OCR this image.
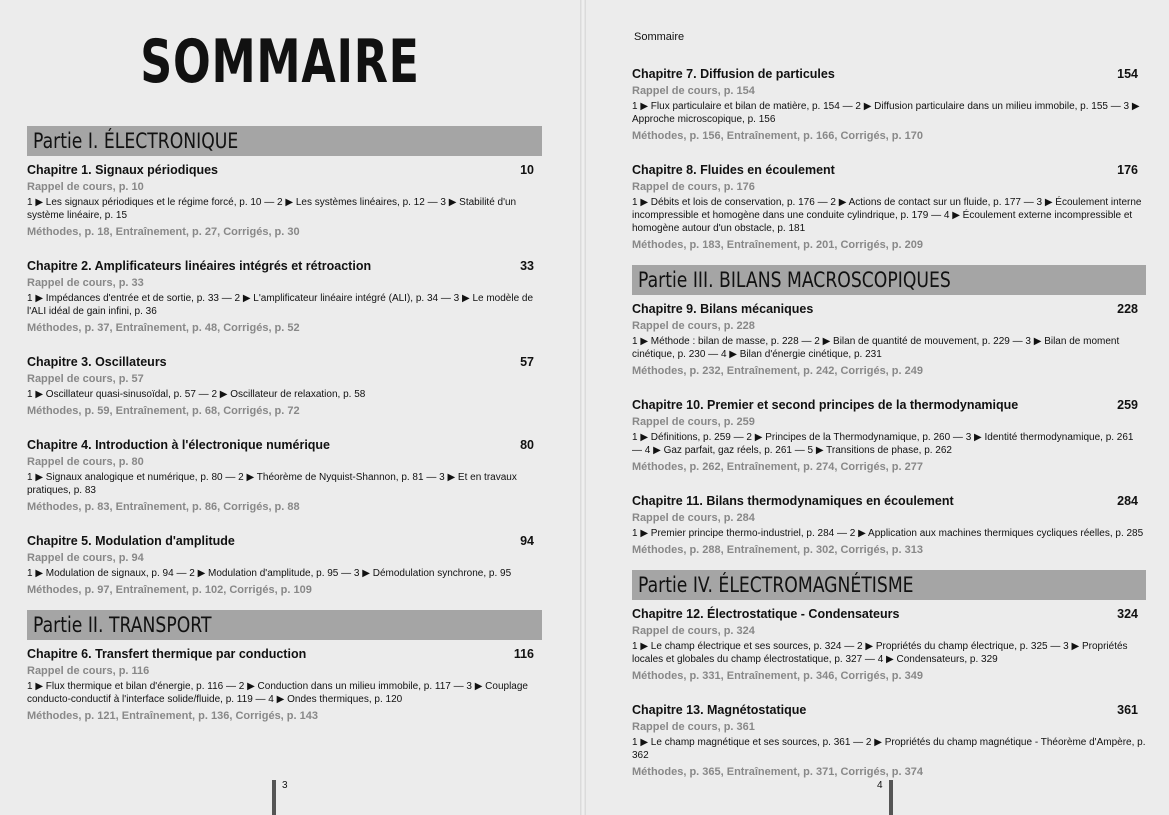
SOMMAIRE
Partie I. ÉLECTRONIQUE
Chapitre 1. Signaux périodiques	10
Rappel de cours, p. 10
1 ▶ Les signaux périodiques et le régime forcé, p. 10 — 2 ▶ Les systèmes linéaires, p. 12 — 3 ▶ Stabilité d'un système linéaire, p. 15
Méthodes, p. 18, Entraînement, p. 27, Corrigés, p. 30
Chapitre 2. Amplificateurs linéaires intégrés et rétroaction	33
Rappel de cours, p. 33
1 ▶ Impédances d'entrée et de sortie, p. 33 — 2 ▶ L'amplificateur linéaire intégré (ALI), p. 34 — 3 ▶ Le modèle de l'ALI idéal de gain infini, p. 36
Méthodes, p. 37, Entraînement, p. 48, Corrigés, p. 52
Chapitre 3. Oscillateurs	57
Rappel de cours, p. 57
1 ▶ Oscillateur quasi-sinusoïdal, p. 57 — 2 ▶ Oscillateur de relaxation, p. 58
Méthodes, p. 59, Entraînement, p. 68, Corrigés, p. 72
Chapitre 4. Introduction à l'électronique numérique	80
Rappel de cours, p. 80
1 ▶ Signaux analogique et numérique, p. 80 — 2 ▶ Théorème de Nyquist-Shannon, p. 81 — 3 ▶ Et en travaux pratiques, p. 83
Méthodes, p. 83, Entraînement, p. 86, Corrigés, p. 88
Chapitre 5. Modulation d'amplitude	94
Rappel de cours, p. 94
1 ▶ Modulation de signaux, p. 94 — 2 ▶ Modulation d'amplitude, p. 95 — 3 ▶ Démodulation synchrone, p. 95
Méthodes, p. 97, Entraînement, p. 102, Corrigés, p. 109
Partie II. TRANSPORT
Chapitre 6. Transfert thermique par conduction	116
Rappel de cours, p. 116
1 ▶ Flux thermique et bilan d'énergie, p. 116 — 2 ▶ Conduction dans un milieu immobile, p. 117 — 3 ▶ Couplage conducto-conductif à l'interface solide/fluide, p. 119 — 4 ▶ Ondes thermiques, p. 120
Méthodes, p. 121, Entraînement, p. 136, Corrigés, p. 143
3
Sommaire
Chapitre 7. Diffusion de particules	154
Rappel de cours, p. 154
1 ▶ Flux particulaire et bilan de matière, p. 154 — 2 ▶ Diffusion particulaire dans un milieu immobile, p. 155 — 3 ▶ Approche microscopique, p. 156
Méthodes, p. 156, Entraînement, p. 166, Corrigés, p. 170
Chapitre 8. Fluides en écoulement	176
Rappel de cours, p. 176
1 ▶ Débits et lois de conservation, p. 176 — 2 ▶ Actions de contact sur un fluide, p. 177 — 3 ▶ Écoulement interne incompressible et homogène dans une conduite cylindrique, p. 179 — 4 ▶ Écoulement externe incompressible et homogène autour d'un obstacle, p. 181
Méthodes, p. 183, Entraînement, p. 201, Corrigés, p. 209
Partie III. BILANS MACROSCOPIQUES
Chapitre 9. Bilans mécaniques	228
Rappel de cours, p. 228
1 ▶ Méthode : bilan de masse, p. 228 — 2 ▶ Bilan de quantité de mouvement, p. 229 — 3 ▶ Bilan de moment cinétique, p. 230 — 4 ▶ Bilan d'énergie cinétique, p. 231
Méthodes, p. 232, Entraînement, p. 242, Corrigés, p. 249
Chapitre 10. Premier et second principes de la thermodynamique	259
Rappel de cours, p. 259
1 ▶ Définitions, p. 259 — 2 ▶ Principes de la Thermodynamique, p. 260 — 3 ▶ Identité thermodynamique, p. 261 — 4 ▶ Gaz parfait, gaz réels, p. 261 — 5 ▶ Transitions de phase, p. 262
Méthodes, p. 262, Entraînement, p. 274, Corrigés, p. 277
Chapitre 11. Bilans thermodynamiques en écoulement	284
Rappel de cours, p. 284
1 ▶ Premier principe thermo-industriel, p. 284 — 2 ▶ Application aux machines thermiques cycliques réelles, p. 285
Méthodes, p. 288, Entraînement, p. 302, Corrigés, p. 313
Partie IV. ÉLECTROMAGNÉTISME
Chapitre 12. Électrostatique - Condensateurs	324
Rappel de cours, p. 324
1 ▶ Le champ électrique et ses sources, p. 324 — 2 ▶ Propriétés du champ électrique, p. 325 — 3 ▶ Propriétés locales et globales du champ électrostatique, p. 327 — 4 ▶ Condensateurs, p. 329
Méthodes, p. 331, Entraînement, p. 346, Corrigés, p. 349
Chapitre 13. Magnétostatique	361
Rappel de cours, p. 361
1 ▶ Le champ magnétique et ses sources, p. 361 — 2 ▶ Propriétés du champ magnétique - Théorème d'Ampère, p. 362
Méthodes, p. 365, Entraînement, p. 371, Corrigés, p. 374
4
